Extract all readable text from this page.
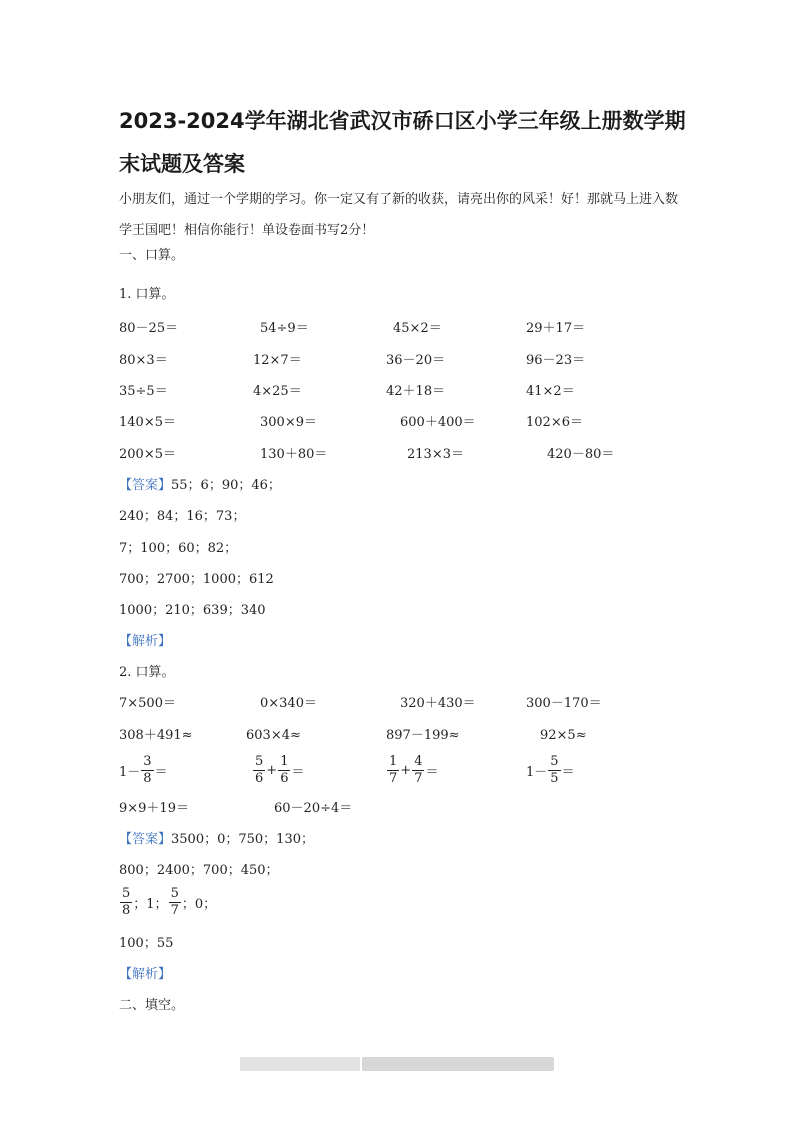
2023-2024学年湖北省武汉市硚口区小学三年级上册数学期末试题及答案
小朋友们，通过一个学期的学习。你一定又有了新的收获，请亮出你的风采！好！那就马上进入数学王国吧！相信你能行！单设卷面书写2分！
一、口算。
1. 口算。
80－25＝	54÷9＝	45×2＝	29＋17＝
80×3＝	12×7＝	36－20＝	96－23＝
35÷5＝	4×25＝	42＋18＝	41×2＝
140×5＝	300×9＝	600＋400＝	102×6＝
200×5＝	130＋80＝	213×3＝	420－80＝
【答案】55；6；90；46；
240；84；16；73；
7；100；60；82；
700；2700；1000；612
1000；210；639；340
【解析】
2. 口算。
7×500＝	0×340＝	320＋430＝	300－170＝
308＋491≈	603×4≈	897－199≈	92×5≈
$1- \frac{3}{8}$ ＝	$\frac{5}{6} + \frac{1}{6}$ ＝	$\frac{1}{7} + \frac{4}{7}$ ＝	$1- \frac{5}{5}$ ＝
9×9＋19＝	60－20÷4＝
【答案】3500；0；750；130；
800；2400；700；450；
$\frac{5}{8}$ ；1； $\frac{5}{7}$ ；0；
100；55
【解析】
二、填空。
